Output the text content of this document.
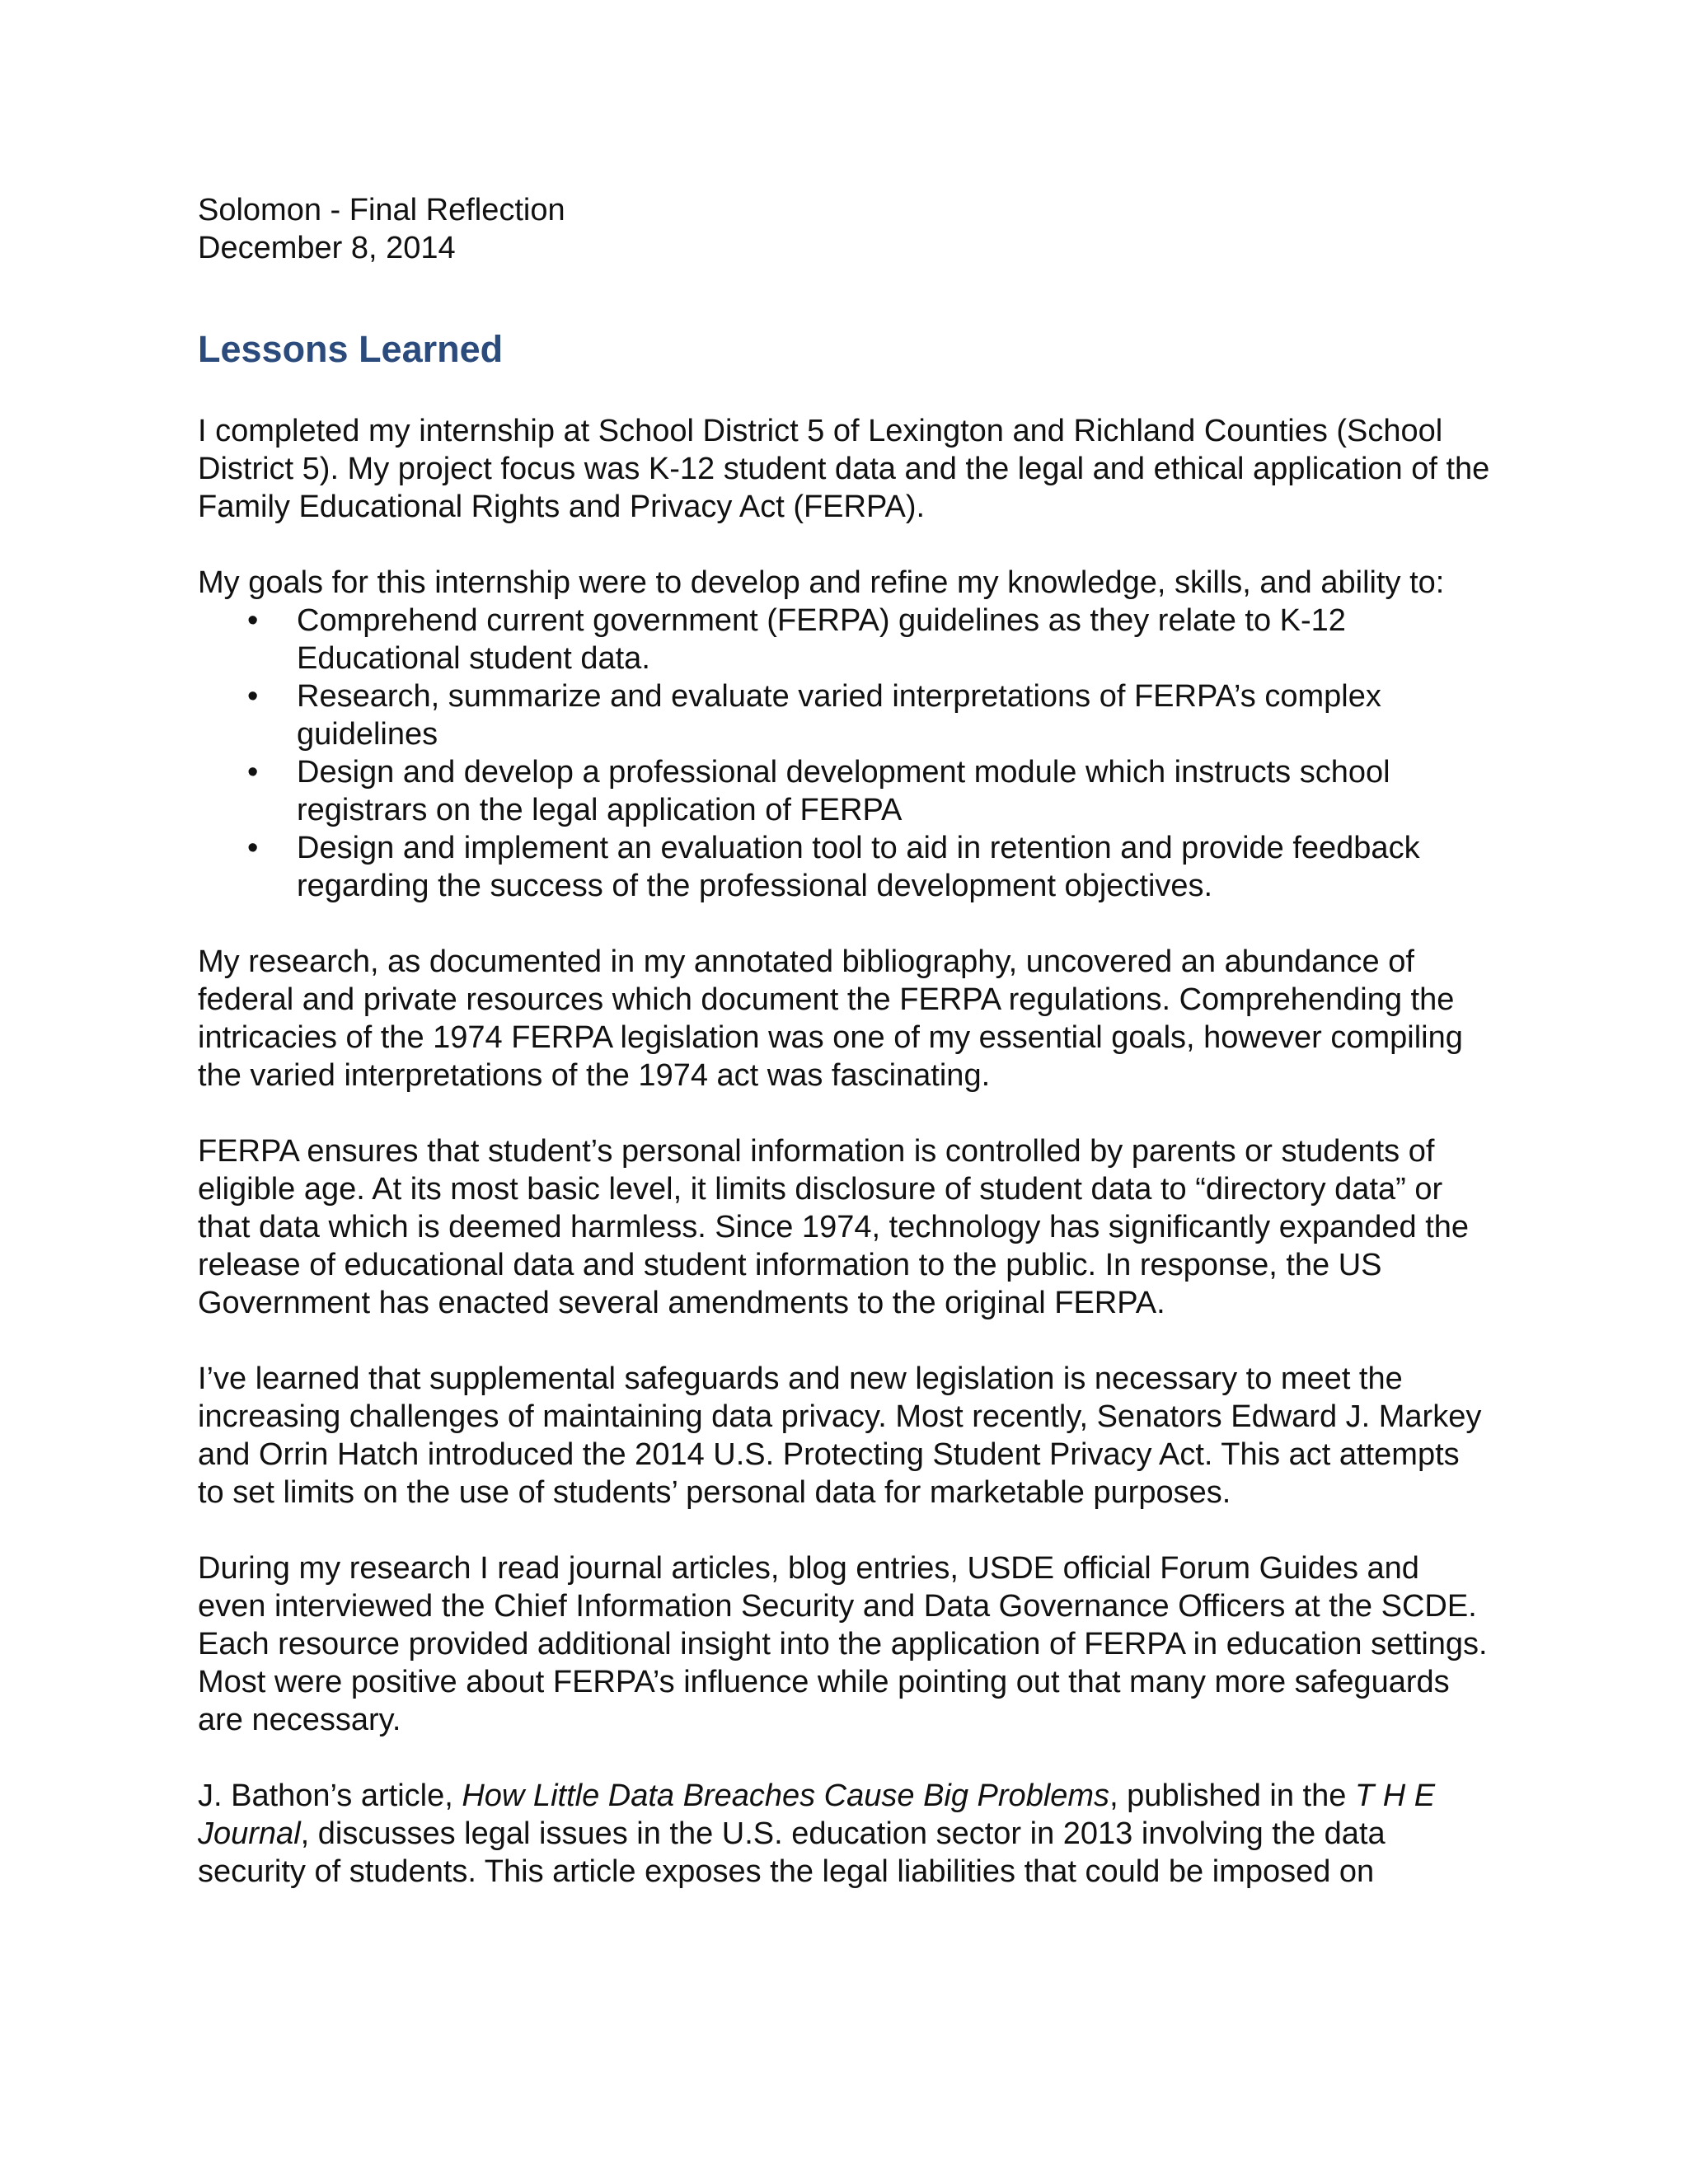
Solomon - Final Reflection
December 8, 2014
Lessons Learned

I completed my internship at School District 5 of Lexington and Richland Counties (School District 5). My project focus was K-12 student data and the legal and ethical application of the Family Educational Rights and Privacy Act (FERPA).

My goals for this internship were to develop and refine my knowledge, skills, and ability to:

• Comprehend current government (FERPA) guidelines as they relate to K-12 Educational student data.
• Research, summarize and evaluate varied interpretations of FERPA’s complex guidelines
• Design and develop a professional development module which instructs school registrars on the legal application of FERPA
• Design and implement an evaluation tool to aid in retention and provide feedback regarding the success of the professional development objectives.

My research, as documented in my annotated bibliography, uncovered an abundance of federal and private resources which document the FERPA regulations. Comprehending the intricacies of the 1974 FERPA legislation was one of my essential goals, however compiling the varied interpretations of the 1974 act was fascinating.

FERPA ensures that student’s personal information is controlled by parents or students of eligible age. At its most basic level, it limits disclosure of student data to “directory data” or that data which is deemed harmless. Since 1974, technology has significantly expanded the release of educational data and student information to the public. In response, the US Government has enacted several amendments to the original FERPA.

I’ve learned that supplemental safeguards and new legislation is necessary to meet the increasing challenges of maintaining data privacy. Most recently, Senators Edward J. Markey and Orrin Hatch introduced the 2014 U.S. Protecting Student Privacy Act. This act attempts to set limits on the use of students’ personal data for marketable purposes.

During my research I read journal articles, blog entries, USDE official Forum Guides and even interviewed the Chief Information Security and Data Governance Officers at the SCDE. Each resource provided additional insight into the application of FERPA in education settings. Most were positive about FERPA’s influence while pointing out that many more safeguards are necessary.

J. Bathon’s article, How Little Data Breaches Cause Big Problems, published in the T H E Journal, discusses legal issues in the U.S. education sector in 2013 involving the data security of students. This article exposes the legal liabilities that could be imposed on
